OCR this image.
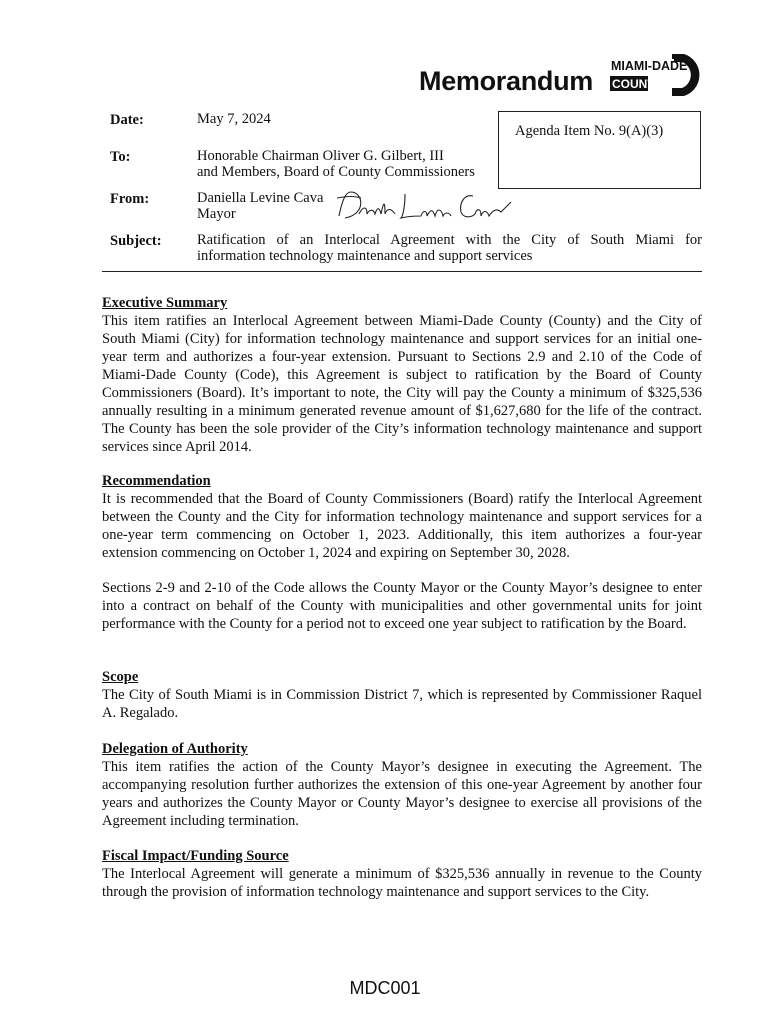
Memorandum MIAMI-DADE
COUNTY
Date:	May 7, 2024
Agenda Item No. 9(A)(3)
To:	Honorable Chairman Oliver G. Gilbert, III
and Members, Board of County Commissioners
From:	Daniella Levine Cava
Mayor
Subject: Ratification of an Interlocal Agreement with the City of South Miami for
information technology maintenance and support services
Executive Summary
This item ratifies an Interlocal Agreement between Miami-Dade County (County) and the City of South Miami (City) for information technology maintenance and support services for an initial one-year term and authorizes a four-year extension. Pursuant to Sections 2.9 and 2.10 of the Code of Miami-Dade County (Code), this Agreement is subject to ratification by the Board of County Commissioners (Board). It’s important to note, the City will pay the County a minimum of $325,536 annually resulting in a minimum generated revenue amount of $1,627,680 for the life of the contract. The County has been the sole provider of the City’s information technology maintenance and support services since April 2014.
Recommendation
It is recommended that the Board of County Commissioners (Board) ratify the Interlocal Agreement between the County and the City for information technology maintenance and support services for a one-year term commencing on October 1, 2023. Additionally, this item authorizes a four-year extension commencing on October 1, 2024 and expiring on September 30, 2028.
Sections 2-9 and 2-10 of the Code allows the County Mayor or the County Mayor’s designee to enter into a contract on behalf of the County with municipalities and other governmental units for joint performance with the County for a period not to exceed one year subject to ratification by the Board.
Scope
The City of South Miami is in Commission District 7, which is represented by Commissioner Raquel A. Regalado.
Delegation of Authority
This item ratifies the action of the County Mayor’s designee in executing the Agreement. The accompanying resolution further authorizes the extension of this one-year Agreement by another four years and authorizes the County Mayor or County Mayor’s designee to exercise all provisions of the Agreement including termination.
Fiscal Impact/Funding Source
The Interlocal Agreement will generate a minimum of $325,536 annually in revenue to the County through the provision of information technology maintenance and support services to the City.
MDC001
